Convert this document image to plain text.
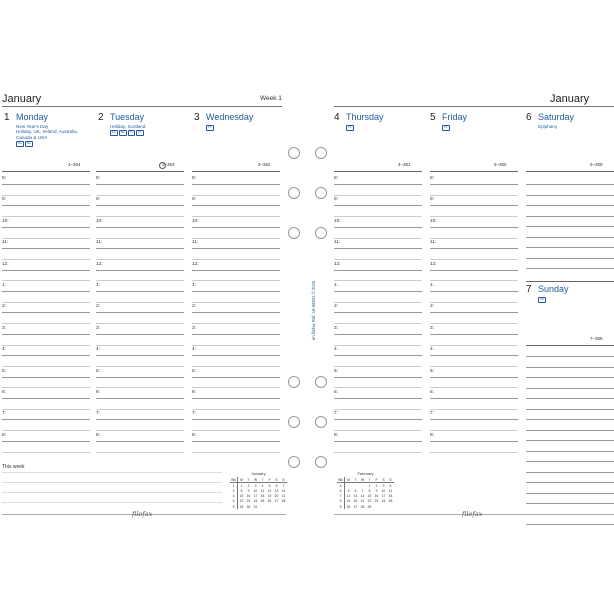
January	Week 1
1 Monday
New Year's Day
Holiday, UK, Ireland, Australia,
Canada & USA
SC NZ
1–364
2 Tuesday
Holiday, Scotland
SC NZ FL PL
2–363
3 Wednesday
PL
3–362
8:
9:
10:
11:
12:
1:
2:
3:
4:
5:
6:
7:
8:
8:
9:
10:
11:
12:
1:
2:
3:
4:
5:
6:
7:
8:
8:
9:
10:
11:
12:
1:
2:
3:
4:
5:
6:
7:
8:
This week
January
Wk	M	T	W	T	F	S	S
1	1	2	3	4	5	6	7
2	8	9	10	11	12	13	14
3	15	16	17	18	19	20	21
4	22	23	24	25	26	27	28
5	29	30	31				
filofax
January
4 Thursday
PL
4–361
5 Friday
PL
5–360
6 Saturday
Epiphany
6–359
8:
9:
10:
11:
12:
1:
2:
3:
4:
5:
6:
7:
8:
8:
9:
10:
11:
12:
1:
2:
3:
4:
5:
6:
7:
8:
7 Sunday
SG
7–358
February
Wk	M	T	W	T	F	S	S
5				1	2	3	4
6	5	6	7	8	9	10	11
7	12	13	14	15	16	17	18
8	19	20	21	22	23	24	25
9	26	27	28	29			
filofax
en filofax Ref. 18-68502 © 2026
